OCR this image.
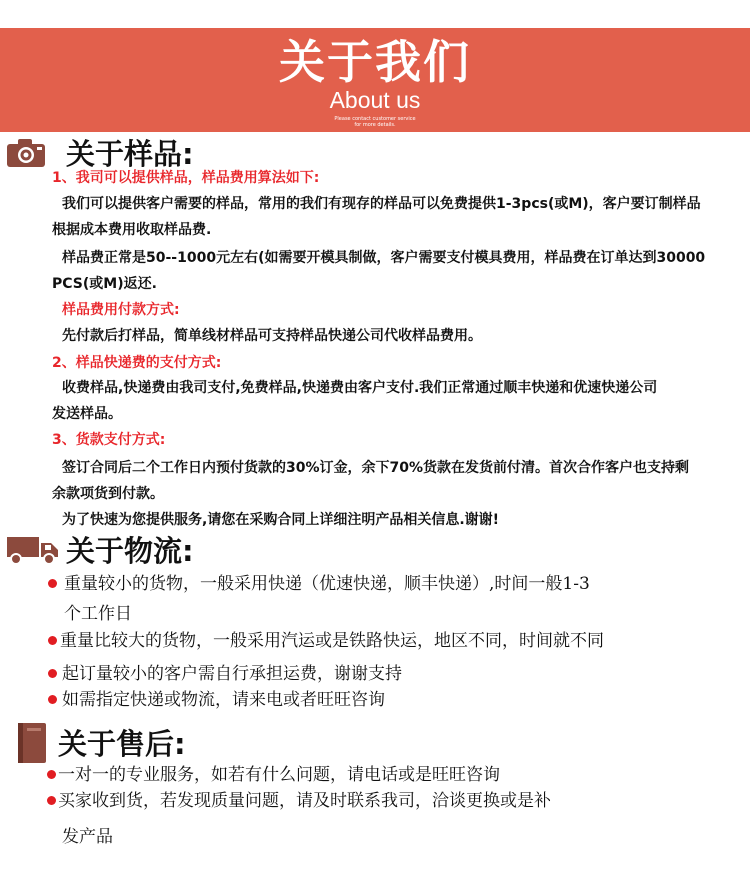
关于我们
About us
Please contact customer service
for more details.
关于样品:
1、我司可以提供样品，样品费用算法如下:
我们可以提供客户需要的样品，常用的我们有现存的样品可以免费提供1-3pcs(或M)，客户要订制样品
根据成本费用收取样品费.
样品费正常是50--1000元左右(如需要开模具制做，客户需要支付模具费用，样品费在订单达到30000
PCS(或M)返还.
样品费用付款方式:
先付款后打样品，简单线材样品可支持样品快递公司代收样品费用。
2、样品快递费的支付方式:
收费样品,快递费由我司支付,免费样品,快递费由客户支付.我们正常通过顺丰快递和优速快递公司
发送样品。
3、货款支付方式:
签订合同后二个工作日内预付货款的30%订金，余下70%货款在发货前付清。首次合作客户也支持剩
余款项货到付款。
为了快速为您提供服务,请您在采购合同上详细注明产品相关信息.谢谢!
关于物流:
重量较小的货物，一般采用快递（优速快递，顺丰快递）,时间一般1-3
个工作日
重量比较大的货物，一般采用汽运或是铁路快运，地区不同，时间就不同
起订量较小的客户需自行承担运费，谢谢支持
如需指定快递或物流，请来电或者旺旺咨询
关于售后:
一对一的专业服务，如若有什么问题，请电话或是旺旺咨询
买家收到货，若发现质量问题，请及时联系我司，洽谈更换或是补
发产品
